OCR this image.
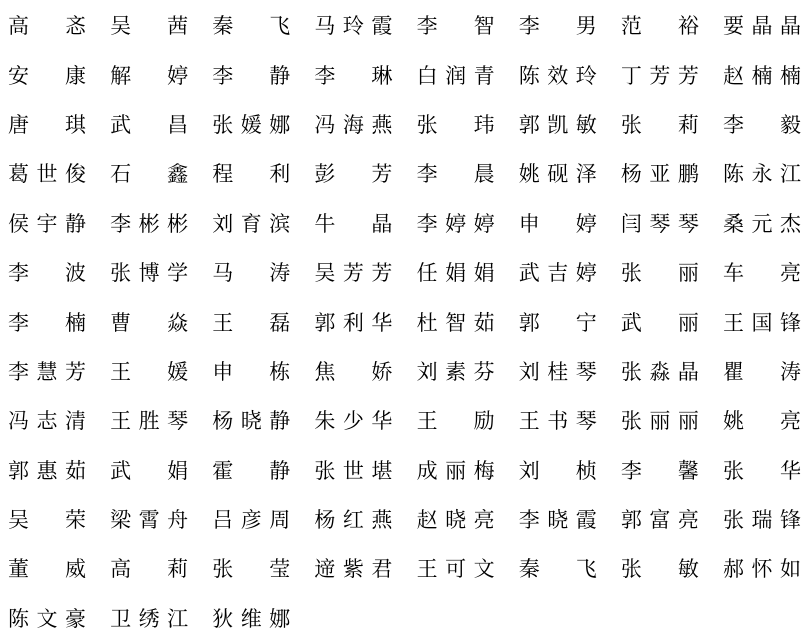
高 忞 吴 茜 秦 飞 马 玲 霞 李 智 李 男 范 裕 要 晶 晶
安 康 解 婷 李 静 李 琳 白 润 青 陈 效 玲 丁 芳 芳 赵 楠 楠
唐 琪 武 昌 张 媛 娜 冯 海 燕 张 玮 郭 凯 敏 张 莉 李 毅
葛 世 俊 石 鑫 程 利 彭 芳 李 晨 姚 砚 泽 杨 亚 鹏 陈 永 江
侯 宇 静 李 彬 彬 刘 育 滨 牛 晶 李 婷 婷 申 婷 闫 琴 琴 桑 元 杰
李 波 张 博 学 马 涛 吴 芳 芳 任 娟 娟 武 吉 婷 张 丽 车 亮
李 楠 曹 焱 王 磊 郭 利 华 杜 智 茹 郭 宁 武 丽 王 国 锋
李 慧 芳 王 媛 申 栋 焦 娇 刘 素 芬 刘 桂 琴 张 淼 晶 瞿 涛
冯 志 清 王 胜 琴 杨 晓 静 朱 少 华 王 励 王 书 琴 张 丽 丽 姚 亮
郭 惠 茹 武 娟 霍 静 张 世 堪 成 丽 梅 刘 桢 李 馨 张 华
吴 荣 梁 霄 舟 吕 彦 周 杨 红 燕 赵 晓 亮 李 晓 霞 郭 富 亮 张 瑞 锋
董 威 高 莉 张 莹 遆 紫 君 王 可 文 秦 飞 张 敏 郝 怀 如
陈 文 豪 卫 绣 江 狄 维 娜
